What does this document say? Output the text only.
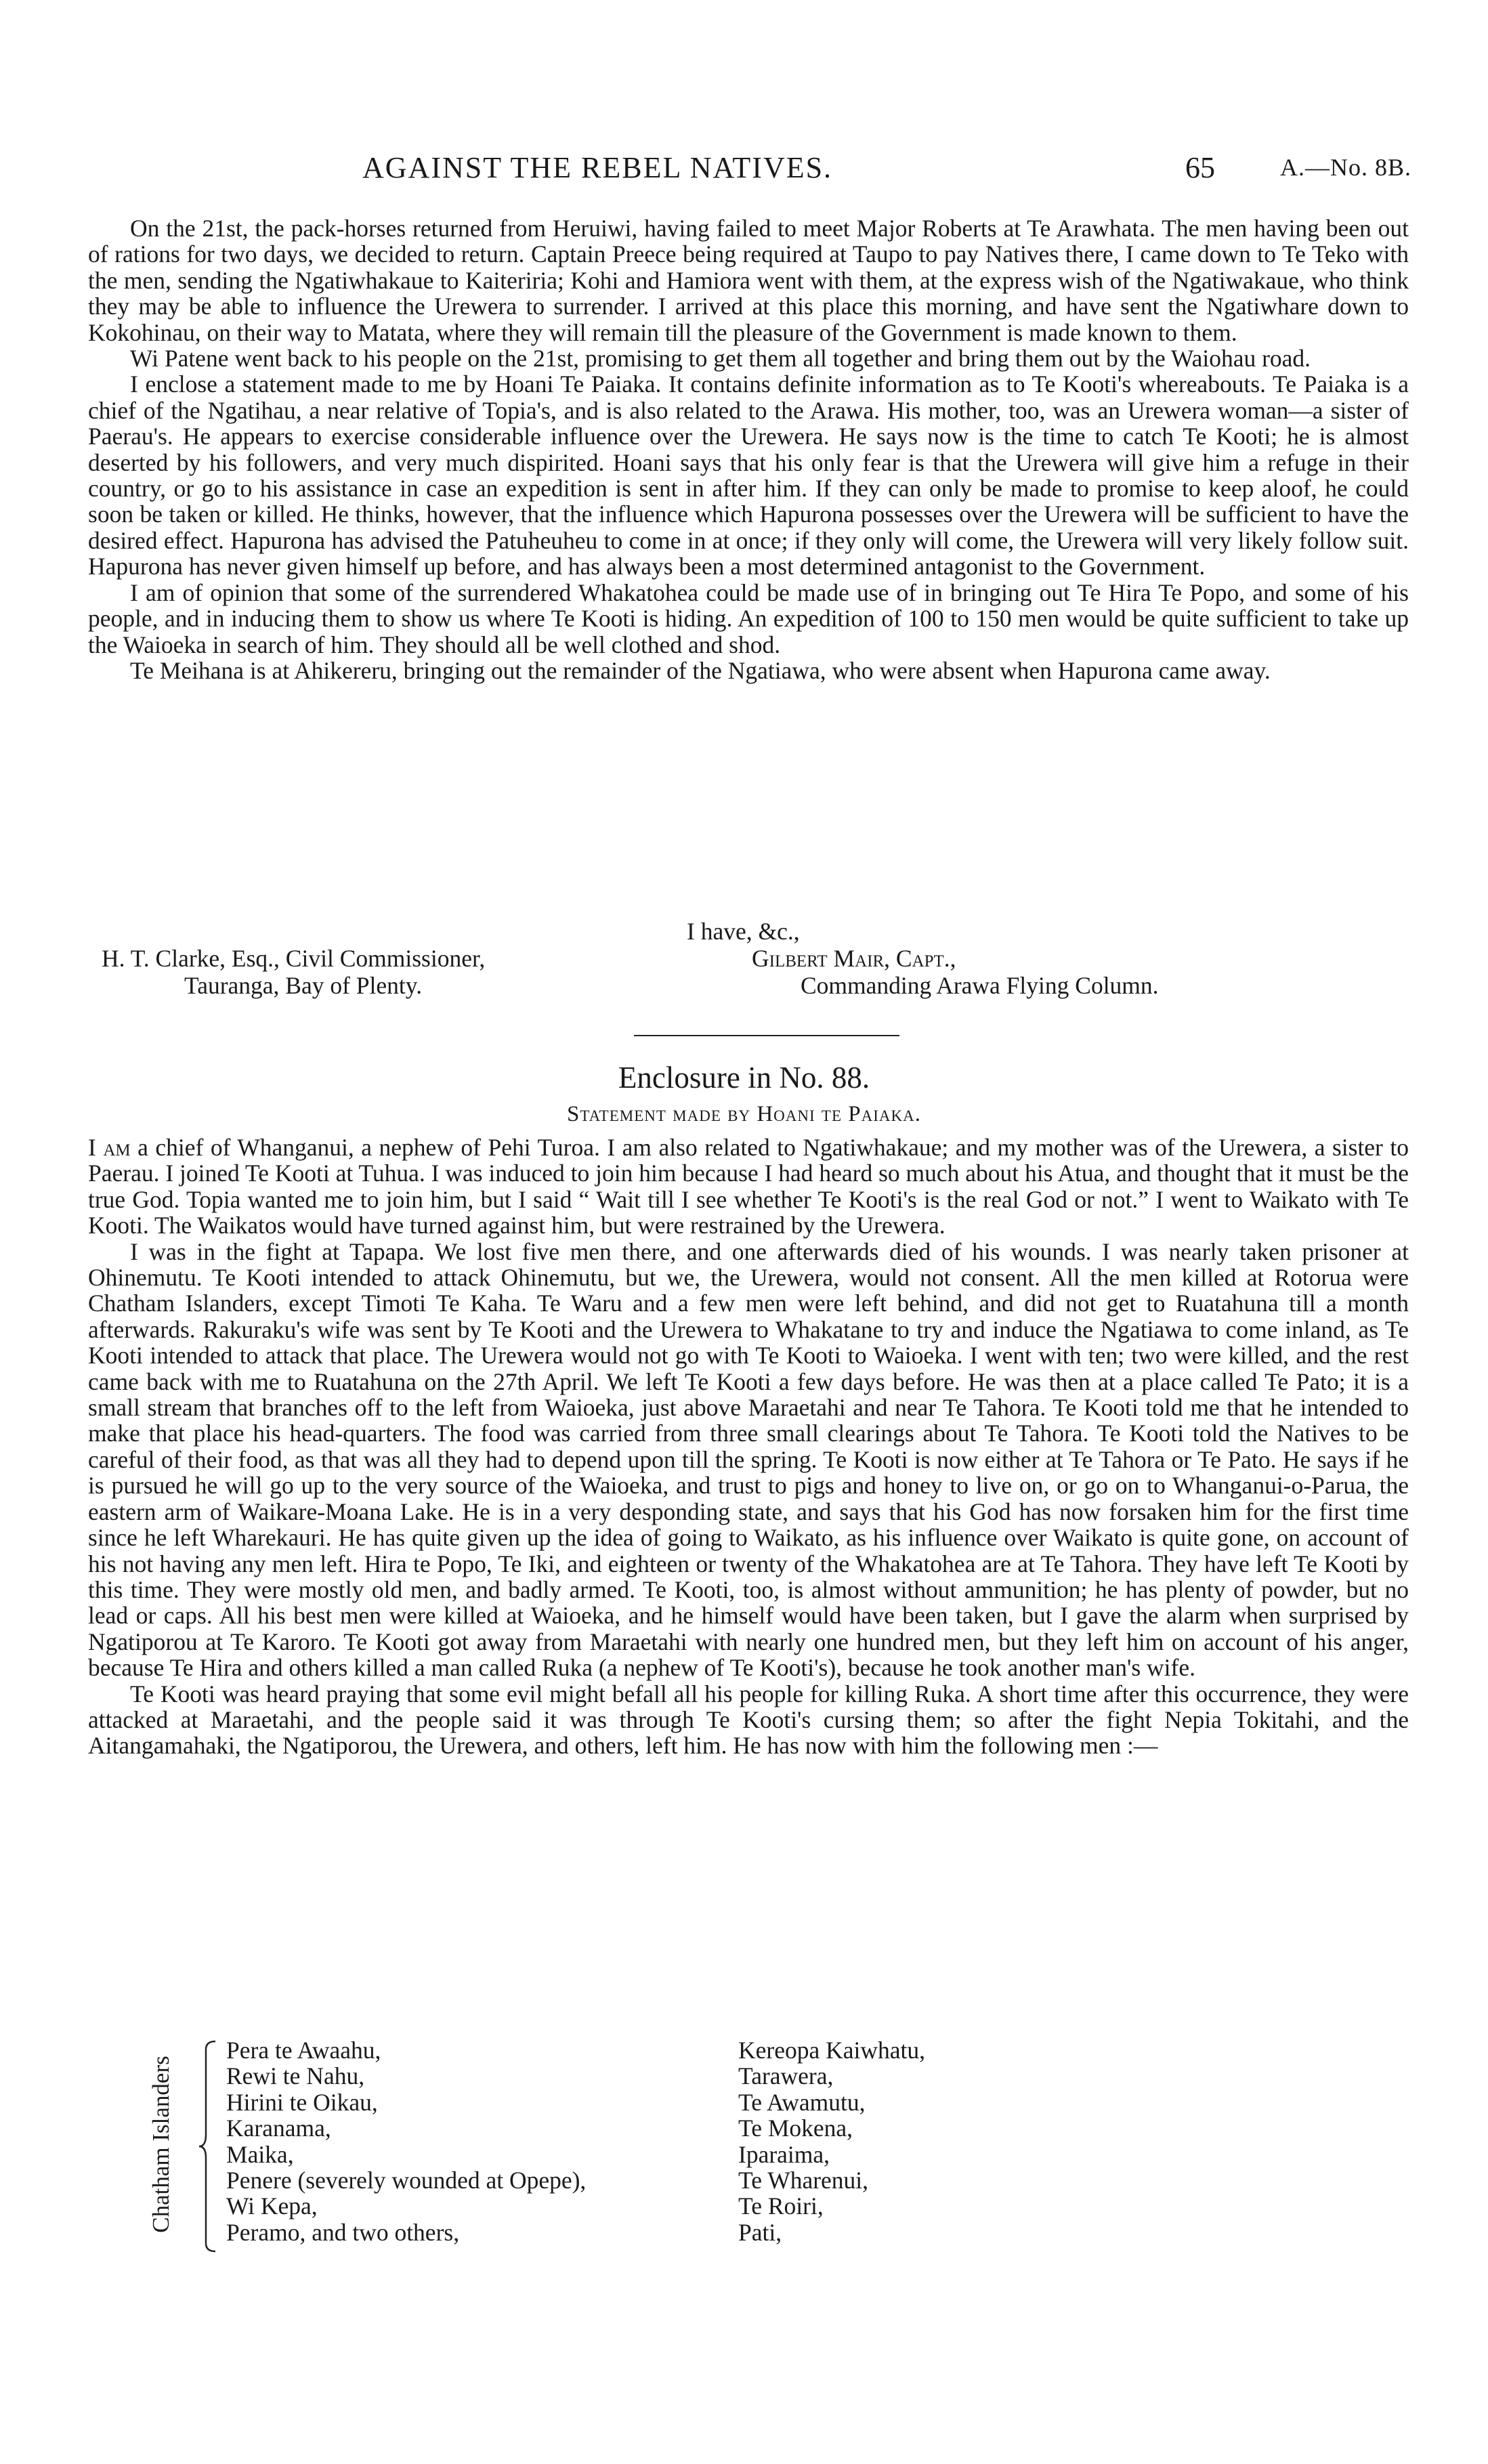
AGAINST THE REBEL NATIVES.	65	A.—No. 8B.

On the 21st, the pack-horses returned from Heruiwi, having failed to meet Major Roberts at Te Arawhata. The men having been out of rations for two days, we decided to return. Captain Preece being required at Taupo to pay Natives there, I came down to Te Teko with the men, sending the Ngatiwhakaue to Kaiteriria; Kohi and Hamiora went with them, at the express wish of the Ngatiwakaue, who think they may be able to influence the Urewera to surrender. I arrived at this place this morning, and have sent the Ngatiwhare down to Kokohinau, on their way to Matata, where they will remain till the pleasure of the Government is made known to them.

Wi Patene went back to his people on the 21st, promising to get them all together and bring them out by the Waiohau road.

I enclose a statement made to me by Hoani Te Paiaka. It contains definite information as to Te Kooti's whereabouts. Te Paiaka is a chief of the Ngatihau, a near relative of Topia's, and is also related to the Arawa. His mother, too, was an Urewera woman—a sister of Paerau's. He appears to exercise considerable influence over the Urewera. He says now is the time to catch Te Kooti; he is almost deserted by his followers, and very much dispirited. Hoani says that his only fear is that the Urewera will give him a refuge in their country, or go to his assistance in case an expedition is sent in after him. If they can only be made to promise to keep aloof, he could soon be taken or killed. He thinks, however, that the influence which Hapurona possesses over the Urewera will be sufficient to have the desired effect. Hapurona has advised the Patuheuheu to come in at once; if they only will come, the Urewera will very likely follow suit. Hapurona has never given himself up before, and has always been a most determined antagonist to the Government.

I am of opinion that some of the surrendered Whakatohea could be made use of in bringing out Te Hira Te Popo, and some of his people, and in inducing them to show us where Te Kooti is hiding. An expedition of 100 to 150 men would be quite sufficient to take up the Waioeka in search of him. They should all be well clothed and shod.

Te Meihana is at Ahikereru, bringing out the remainder of the Ngatiawa, who were absent when Hapurona came away.

I have, &c.,
H. T. Clarke, Esq., Civil Commissioner,	Gilbert Mair, Capt.,
Tauranga, Bay of Plenty.	Commanding Arawa Flying Column.
Enclosure in No. 88.
Statement made by Hoani te Paiaka.

I am a chief of Whanganui, a nephew of Pehi Turoa. I am also related to Ngatiwhakaue; and my mother was of the Urewera, a sister to Paerau. I joined Te Kooti at Tuhua. I was induced to join him because I had heard so much about his Atua, and thought that it must be the true God. Topia wanted me to join him, but I said “ Wait till I see whether Te Kooti's is the real God or not.” I went to Waikato with Te Kooti. The Waikatos would have turned against him, but were restrained by the Urewera.

I was in the fight at Tapapa. We lost five men there, and one afterwards died of his wounds. I was nearly taken prisoner at Ohinemutu. Te Kooti intended to attack Ohinemutu, but we, the Urewera, would not consent. All the men killed at Rotorua were Chatham Islanders, except Timoti Te Kaha. Te Waru and a few men were left behind, and did not get to Ruatahuna till a month afterwards. Rakuraku's wife was sent by Te Kooti and the Urewera to Whakatane to try and induce the Ngatiawa to come inland, as Te Kooti intended to attack that place. The Urewera would not go with Te Kooti to Waioeka. I went with ten; two were killed, and the rest came back with me to Ruatahuna on the 27th April. We left Te Kooti a few days before. He was then at a place called Te Pato; it is a small stream that branches off to the left from Waioeka, just above Maraetahi and near Te Tahora. Te Kooti told me that he intended to make that place his head-quarters. The food was carried from three small clearings about Te Tahora. Te Kooti told the Natives to be careful of their food, as that was all they had to depend upon till the spring. Te Kooti is now either at Te Tahora or Te Pato. He says if he is pursued he will go up to the very source of the Waioeka, and trust to pigs and honey to live on, or go on to Whanganui-o-Parua, the eastern arm of Waikare-Moana Lake. He is in a very desponding state, and says that his God has now forsaken him for the first time since he left Wharekauri. He has quite given up the idea of going to Waikato, as his influence over Waikato is quite gone, on account of his not having any men left. Hira te Popo, Te Iki, and eighteen or twenty of the Whakatohea are at Te Tahora. They have left Te Kooti by this time. They were mostly old men, and badly armed. Te Kooti, too, is almost without ammunition; he has plenty of powder, but no lead or caps. All his best men were killed at Waioeka, and he himself would have been taken, but I gave the alarm when surprised by Ngatiporou at Te Karoro. Te Kooti got away from Maraetahi with nearly one hundred men, but they left him on account of his anger, because Te Hira and others killed a man called Ruka (a nephew of Te Kooti's), because he took another man's wife.

Te Kooti was heard praying that some evil might befall all his people for killing Ruka. A short time after this occurrence, they were attacked at Maraetahi, and the people said it was through Te Kooti's cursing them; so after the fight Nepia Tokitahi, and the Aitangamahaki, the Ngatiporou, the Urewera, and others, left him. He has now with him the following men :—

Chatham Islanders
Pera te Awaahu,
Rewi te Nahu,
Hirini te Oikau,
Karanama,
Maika,
Penere (severely wounded at Opepe),
Wi Kepa,
Peramo, and two others,
Kereopa Kaiwhatu,
Tarawera,
Te Awamutu,
Te Mokena,
Iparaima,
Te Wharenui,
Te Roiri,
Pati,
